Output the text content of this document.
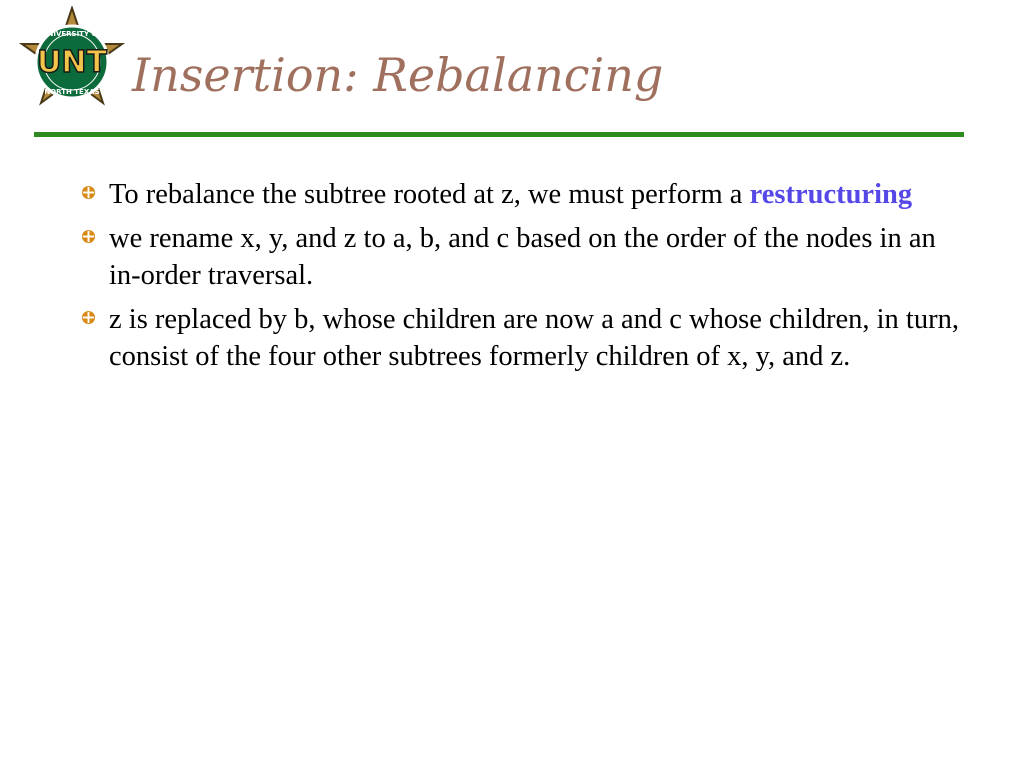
UNT
UNIVERSITY OF
NORTH TEXAS Insertion: Rebalancing
To rebalance the subtree rooted at z, we must perform a restructuring
we rename x, y, and z to a, b, and c based on the order of the nodes in an in-order traversal.
z is replaced by b, whose children are now a and c whose children, in turn, consist of the four other subtrees formerly children of x, y, and z.
